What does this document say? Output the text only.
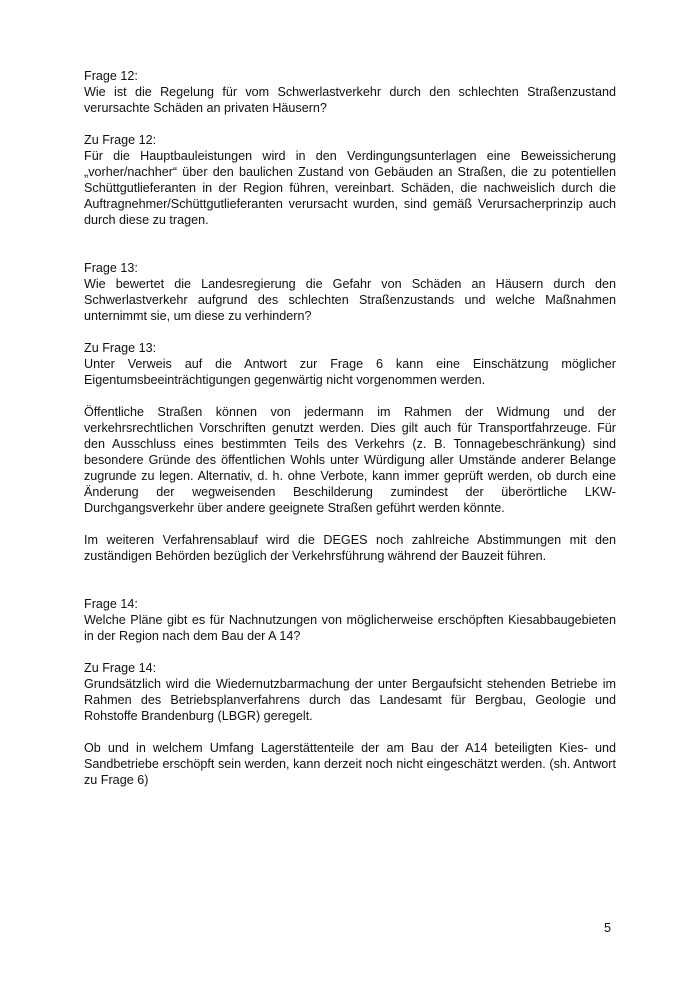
Frage 12:

Wie ist die Regelung für vom Schwerlastverkehr durch den schlechten Straßenzustand verursachte Schäden an privaten Häusern?

Zu Frage 12:

Für die Hauptbauleistungen wird in den Verdingungsunterlagen eine Beweissicherung „vorher/nachher“ über den baulichen Zustand von Gebäuden an Straßen, die zu potentiellen Schüttgutlieferanten in der Region führen, vereinbart. Schäden, die nachweislich durch die Auftragnehmer/Schüttgutlieferanten verursacht wurden, sind gemäß Verursacherprinzip auch durch diese zu tragen.

Frage 13:

Wie bewertet die Landesregierung die Gefahr von Schäden an Häusern durch den Schwerlastverkehr aufgrund des schlechten Straßenzustands und welche Maßnahmen unternimmt sie, um diese zu verhindern?

Zu Frage 13:

Unter Verweis auf die Antwort zur Frage 6 kann eine Einschätzung möglicher Eigentumsbeeinträchtigungen gegenwärtig nicht vorgenommen werden.

Öffentliche Straßen können von jedermann im Rahmen der Widmung und der verkehrsrechtlichen Vorschriften genutzt werden. Dies gilt auch für Transportfahrzeuge. Für den Ausschluss eines bestimmten Teils des Verkehrs (z. B. Tonnagebeschränkung) sind besondere Gründe des öffentlichen Wohls unter Würdigung aller Umstände anderer Belange zugrunde zu legen. Alternativ, d. h. ohne Verbote, kann immer geprüft werden, ob durch eine Änderung der wegweisenden Beschilderung zumindest der überörtliche LKW-Durchgangsverkehr über andere geeignete Straßen geführt werden könnte.

Im weiteren Verfahrensablauf wird die DEGES noch zahlreiche Abstimmungen mit den zuständigen Behörden bezüglich der Verkehrsführung während der Bauzeit führen.

Frage 14:

Welche Pläne gibt es für Nachnutzungen von möglicherweise erschöpften Kiesabbaugebieten in der Region nach dem Bau der A 14?

Zu Frage 14:

Grundsätzlich wird die Wiedernutzbarmachung der unter Bergaufsicht stehenden Betriebe im Rahmen des Betriebsplanverfahrens durch das Landesamt für Bergbau, Geologie und Rohstoffe Brandenburg (LBGR) geregelt.

Ob und in welchem Umfang Lagerstättenteile der am Bau der A14 beteiligten Kies- und Sandbetriebe erschöpft sein werden, kann derzeit noch nicht eingeschätzt werden. (sh. Antwort zu Frage 6)

5
